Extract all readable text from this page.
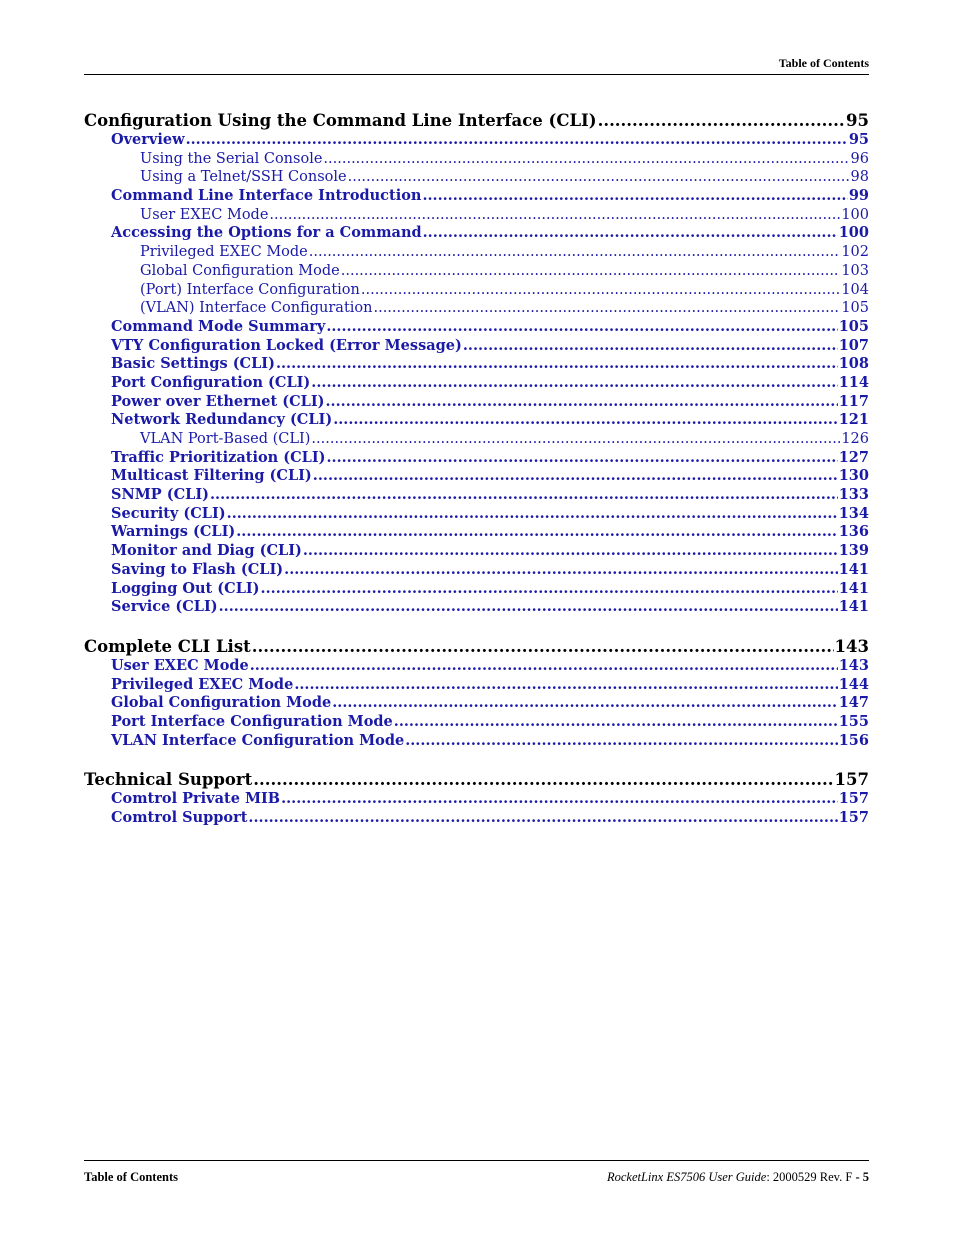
Table of Contents
Configuration Using the Command Line Interface (CLI) .....	95
Overview .....	95
Using the Serial Console .....	96
Using a Telnet/SSH Console .....	98
Command Line Interface Introduction .....	99
User EXEC Mode .....	100
Accessing the Options for a Command .....	100
Privileged EXEC Mode .....	102
Global Configuration Mode .....	103
(Port) Interface Configuration .....	104
(VLAN) Interface Configuration .....	105
Command Mode Summary .....	105
VTY Configuration Locked (Error Message) .....	107
Basic Settings (CLI) .....	108
Port Configuration (CLI) .....	114
Power over Ethernet (CLI) .....	117
Network Redundancy (CLI) .....	121
VLAN Port-Based (CLI) .....	126
Traffic Prioritization (CLI) .....	127
Multicast Filtering (CLI) .....	130
SNMP (CLI) .....	133
Security (CLI) .....	134
Warnings (CLI) .....	136
Monitor and Diag (CLI) .....	139
Saving to Flash (CLI) .....	141
Logging Out (CLI) .....	141
Service (CLI) .....	141
Complete CLI List .....	143
User EXEC Mode .....	143
Privileged EXEC Mode .....	144
Global Configuration Mode .....	147
Port Interface Configuration Mode .....	155
VLAN Interface Configuration Mode .....	156
Technical Support .....	157
Comtrol Private MIB .....	157
Comtrol Support .....	157
Table of Contents	RocketLinx ES7506 User Guide: 2000529 Rev. F - 5
